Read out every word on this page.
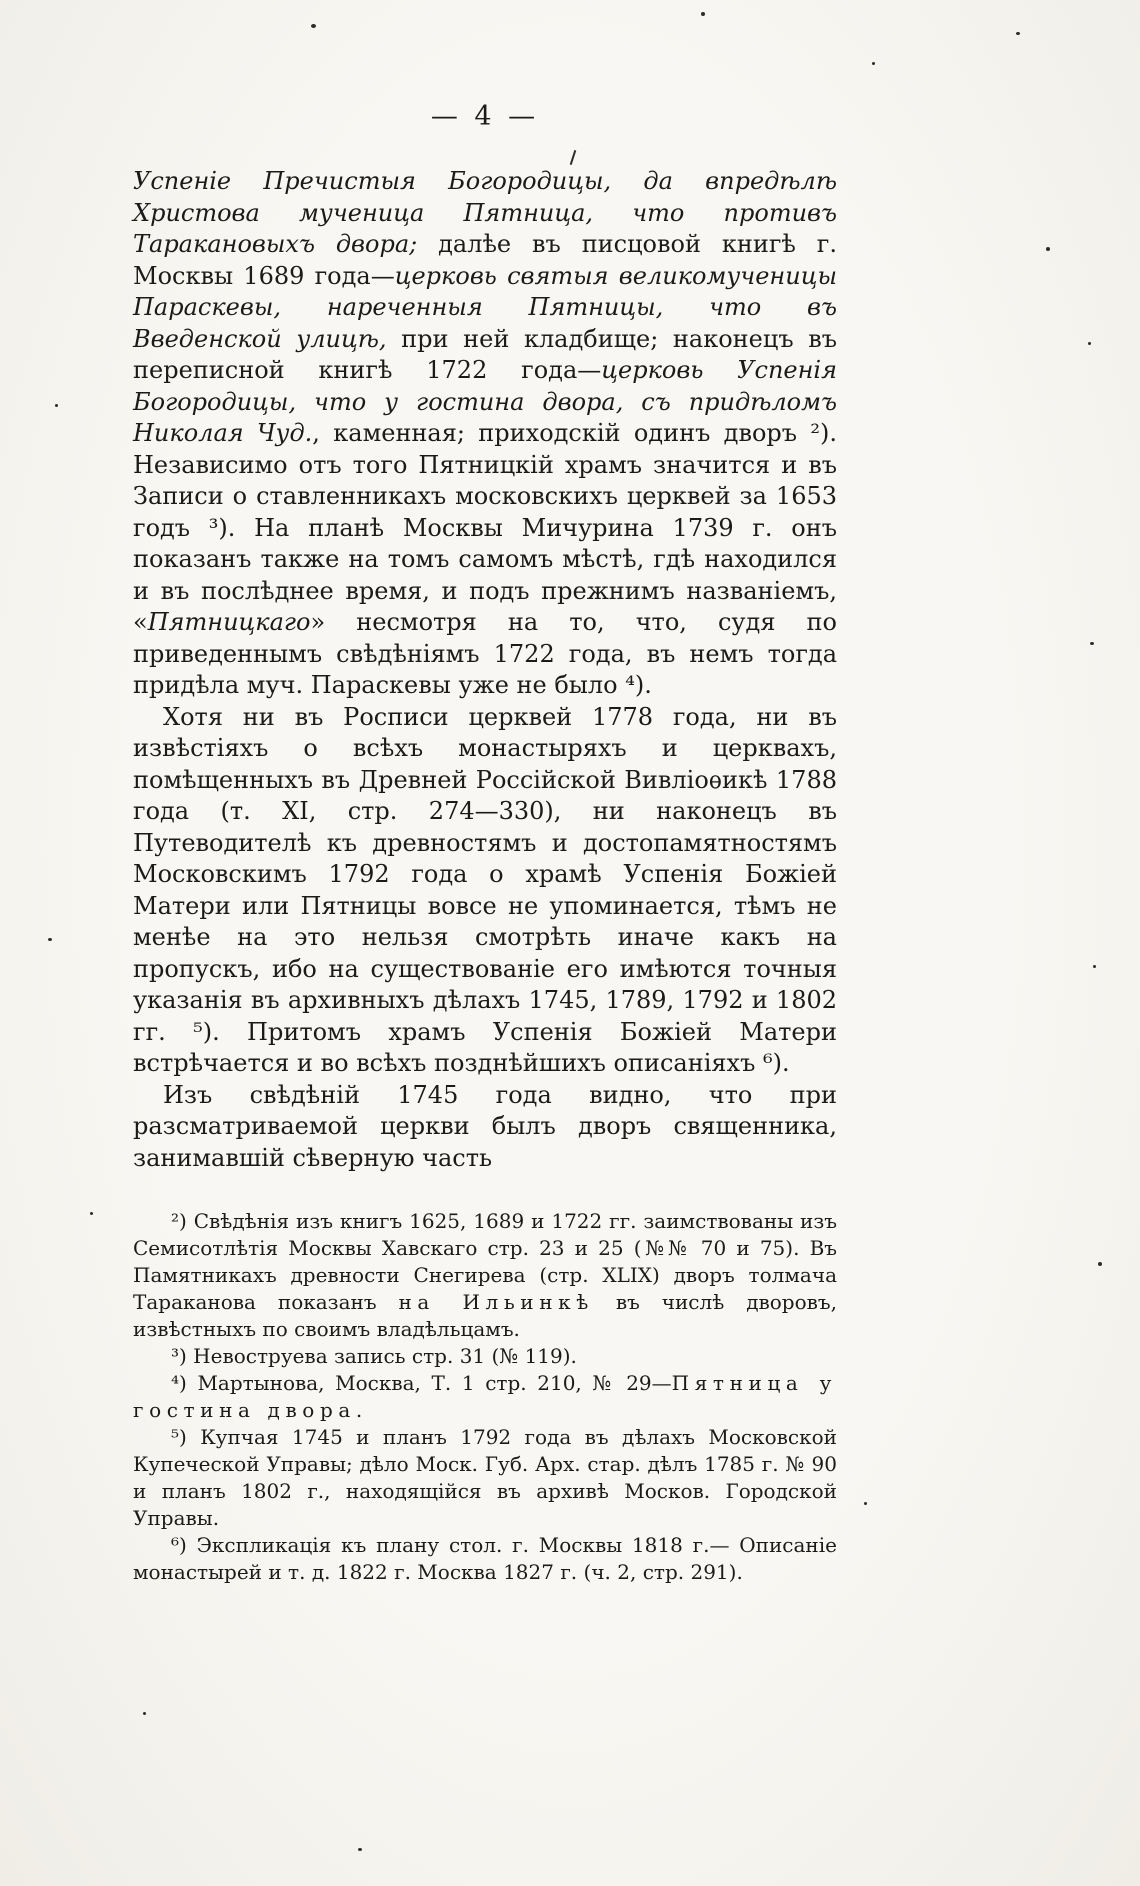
— 4 —

Успеніе Пречистыя Богородицы, да впредѣлѣ Христова мученица Пятница, что противъ Таракановыхъ двора; далѣе въ писцовой книгѣ г. Москвы 1689 года—церковь святыя великомученицы Параскевы, нареченныя Пятницы, что въ Введенской улицѣ, при ней кладбище; наконецъ въ переписной книгѣ 1722 года—церковь Успенія Богородицы, что у гостина двора, съ придѣломъ Николая Чуд., каменная; приходскій одинъ дворъ ²). Независимо отъ того Пятницкій храмъ значится и въ Записи о ставленникахъ московскихъ церквей за 1653 годъ ³). На планѣ Москвы Мичурина 1739 г. онъ показанъ также на томъ самомъ мѣстѣ, гдѣ находился и въ послѣднее время, и подъ прежнимъ названіемъ, «Пятницкаго» несмотря на то, что, судя по приведеннымъ свѣдѣніямъ 1722 года, въ немъ тогда придѣла муч. Параскевы уже не было ⁴).

Хотя ни въ Росписи церквей 1778 года, ни въ извѣстіяхъ о всѣхъ монастыряхъ и церквахъ, помѣщенныхъ въ Древней Россійской Вивліоѳикѣ 1788 года (т. XI, стр. 274—330), ни наконецъ въ Путеводителѣ къ древностямъ и достопамятностямъ Московскимъ 1792 года о храмѣ Успенія Божіей Матери или Пятницы вовсе не упоминается, тѣмъ не менѣе на это нельзя смотрѣть иначе какъ на пропускъ, ибо на существованіе его имѣются точныя указанія въ архивныхъ дѣлахъ 1745, 1789, 1792 и 1802 гг. ⁵). Притомъ храмъ Успенія Божіей Матери встрѣчается и во всѣхъ позднѣйшихъ описаніяхъ ⁶).

Изъ свѣдѣній 1745 года видно, что при разсматриваемой церкви былъ дворъ священника, занимавшій сѣверную часть

²) Свѣдѣнія изъ книгъ 1625, 1689 и 1722 гг. заимствованы изъ Семисотлѣтія Москвы Хавскаго стр. 23 и 25 (№№ 70 и 75). Въ Памятникахъ древности Снегирева (стр. XLIX) дворъ толмача Тараканова показанъ на Ильинкѣ въ числѣ дворовъ, извѣстныхъ по своимъ владѣльцамъ.

³) Невоструева запись стр. 31 (№ 119).

⁴) Мартынова, Москва, Т. 1 стр. 210, № 29—Пятница у гостина двора.

⁵) Купчая 1745 и планъ 1792 года въ дѣлахъ Московской Купеческой Управы; дѣло Моск. Губ. Арх. стар. дѣлъ 1785 г. № 90 и планъ 1802 г., находящійся въ архивѣ Москов. Городской Управы.

⁶) Экспликація къ плану стол. г. Москвы 1818 г.— Описаніе монастырей и т. д. 1822 г. Москва 1827 г. (ч. 2, стр. 291).
